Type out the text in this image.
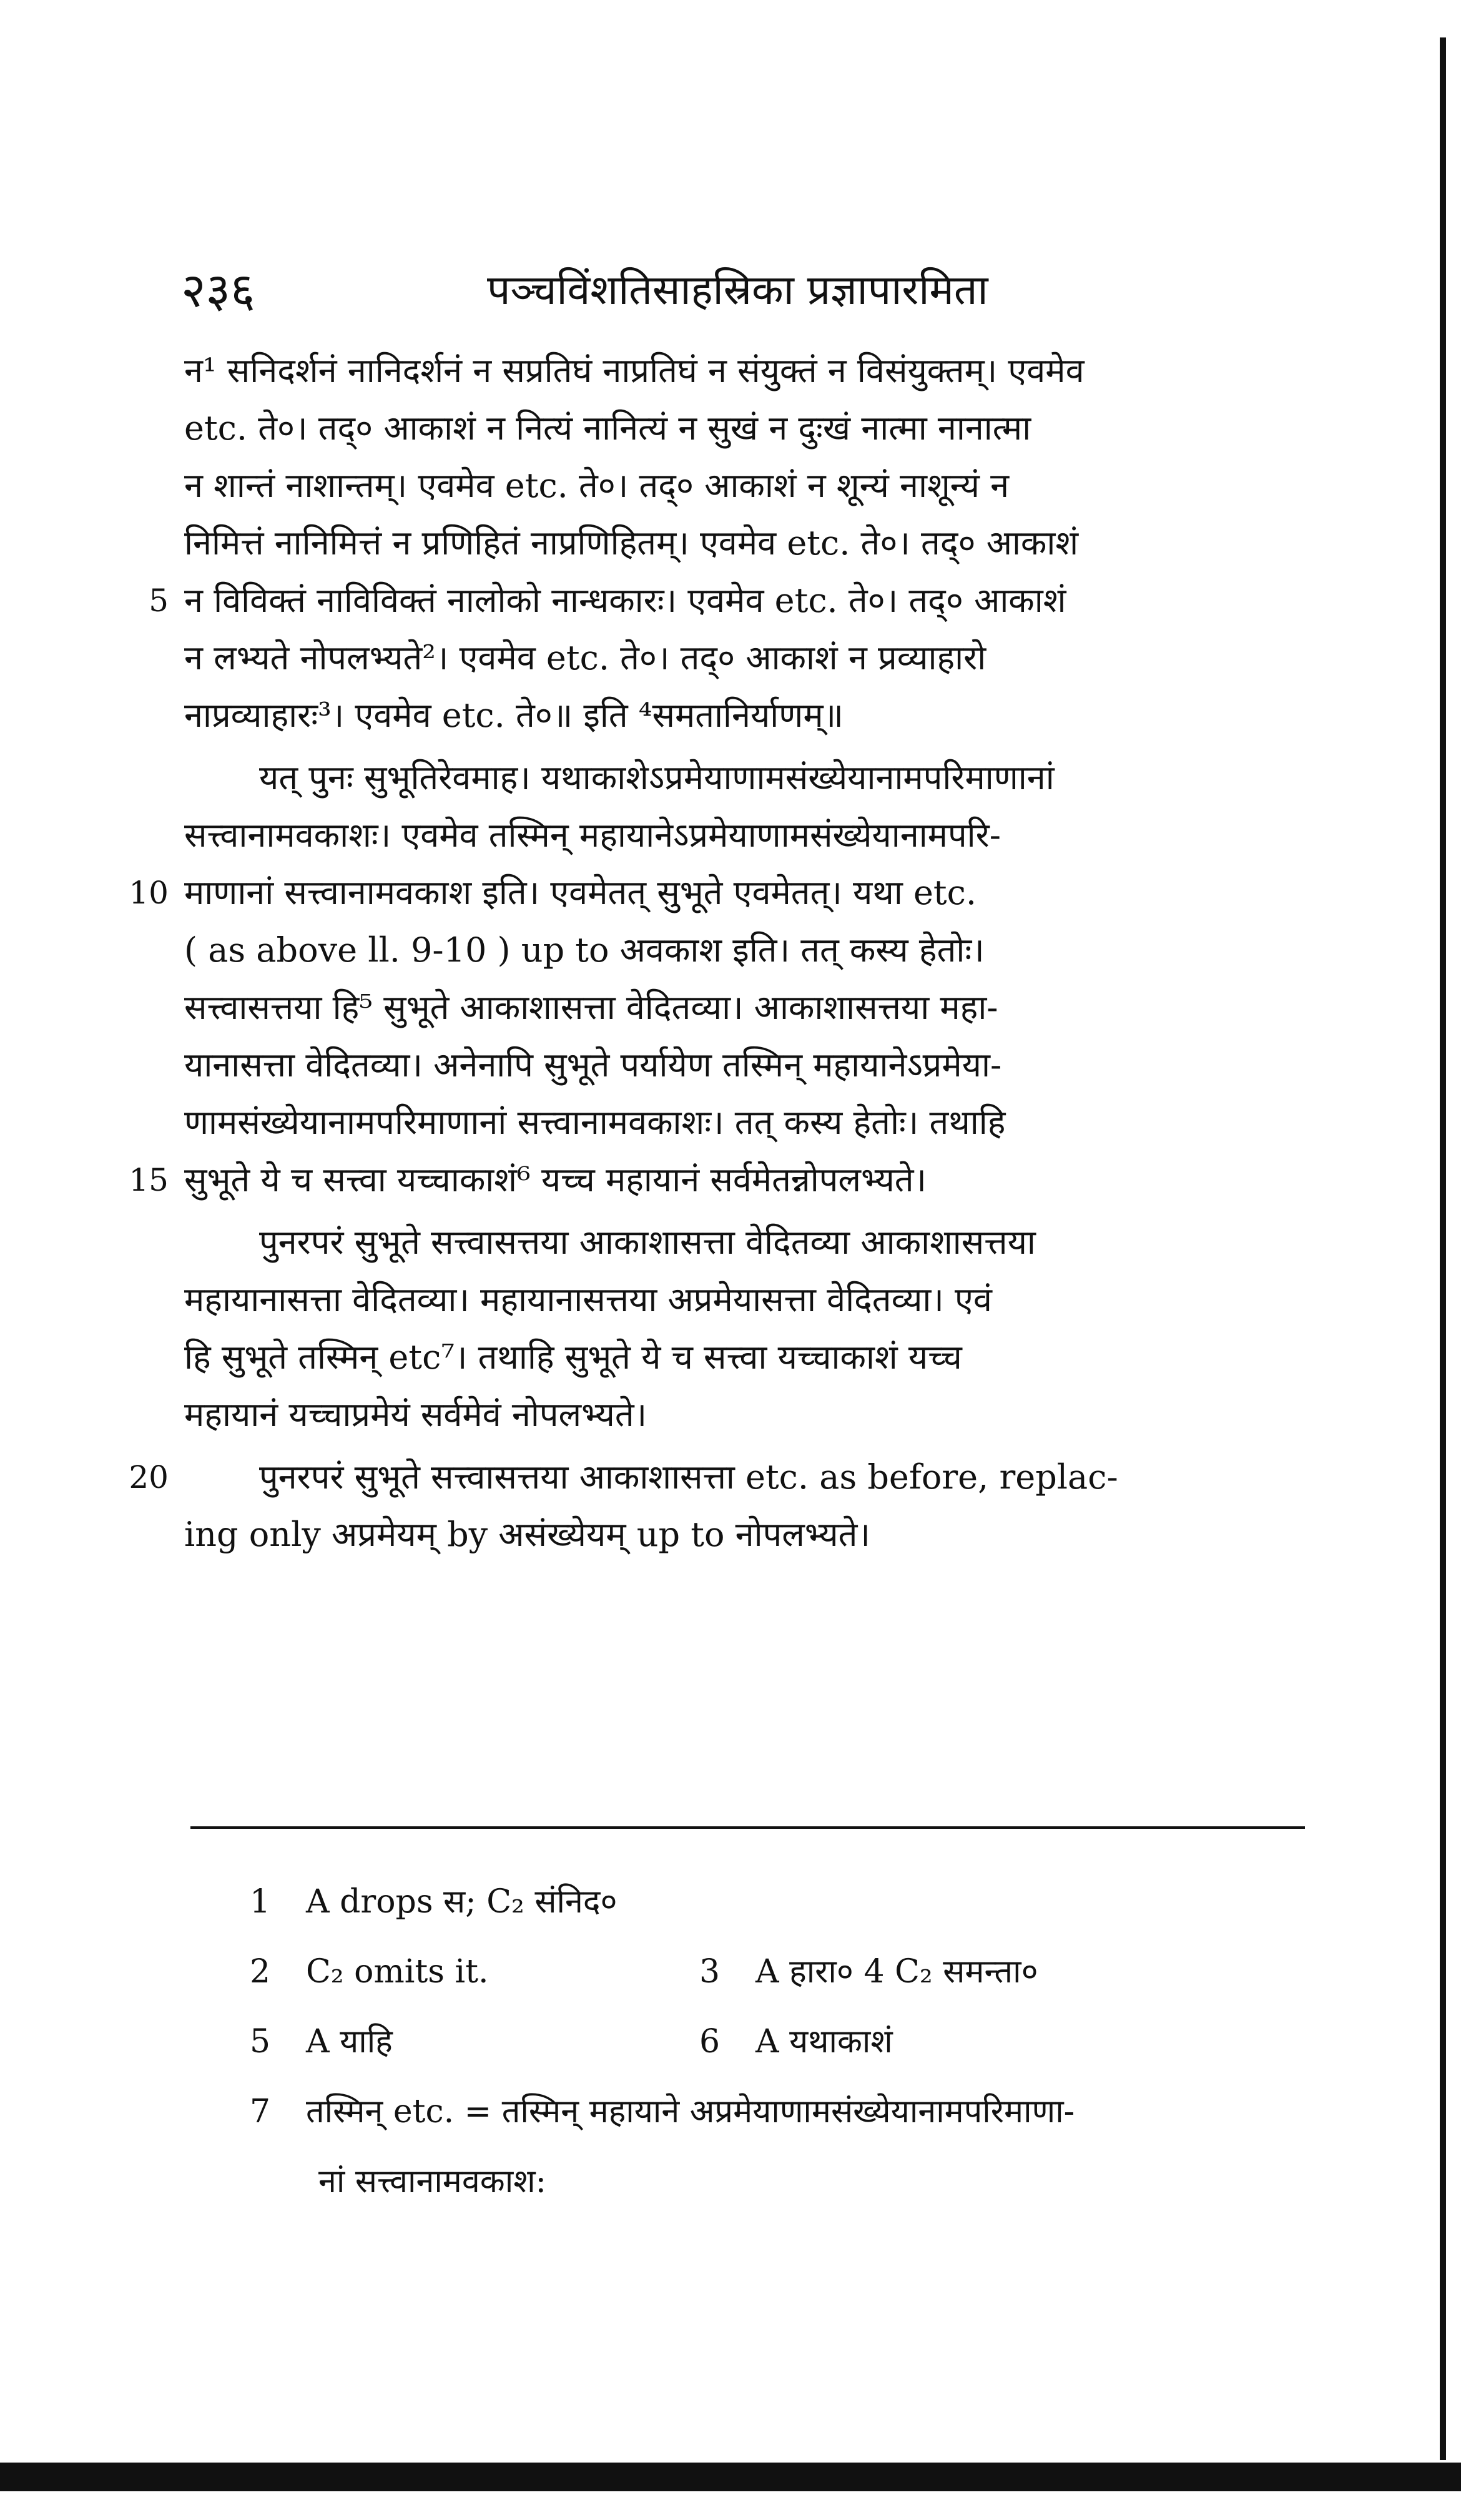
२३६	पञ्चविंशतिसाहस्रिका प्रज्ञापारमिता
न¹ सनिदर्शनं नानिदर्शनं न सप्रतिघं नाप्रतिघं न संयुक्तं न विसंयुक्तम्। एवमेव
etc. ते०। तद्० आकाशं न नित्यं नानित्यं न सुखं न दुःखं नात्मा नानात्मा
न शान्तं नाशान्तम्। एवमेव etc. ते०। तद्० आकाशं न शून्यं नाशून्यं न
निमित्तं नानिमित्तं न प्रणिहितं नाप्रणिहितम्। एवमेव etc. ते०। तद्० आकाशं
5 न विविक्तं नाविविक्तं नालोको नान्धकारः। एवमेव etc. ते०। तद्० आकाशं
न लभ्यते नोपलभ्यते²। एवमेव etc. ते०। तद्० आकाशं न प्रव्याहारो
नाप्रव्याहारः³। एवमेव etc. ते०॥ इति ⁴समतानिर्याणम्॥
यत् पुनः सुभूतिरेवमाह। यथाकाशेऽप्रमेयाणामसंख्येयानामपरिमाणानां
सत्त्वानामवकाशः। एवमेव तस्मिन् महायानेऽप्रमेयाणामसंख्येयानामपरि-
10 माणानां सत्त्वानामवकाश इति। एवमेतत् सुभूते एवमेतत्। यथा etc.
( as above ll. 9-10 ) up to अवकाश इति। तत् कस्य हेतोः।
सत्त्वासत्तया हि⁵ सुभूते आकाशासत्ता वेदितव्या। आकाशासत्तया महा-
यानासत्ता वेदितव्या। अनेनापि सुभूते पर्यायेण तस्मिन् महायानेऽप्रमेया-
णामसंख्येयानामपरिमाणानां सत्त्वानामवकाशः। तत् कस्य हेतोः। तथाहि
15 सुभूते ये च सत्त्वा यच्चाकाशं⁶ यच्च महायानं सर्वमेतन्नोपलभ्यते।
पुनरपरं सुभूते सत्त्वासत्तया आकाशासत्ता वेदितव्या आकाशासत्तया
महायानासत्ता वेदितव्या। महायानासत्तया अप्रमेयासत्ता वेदितव्या। एवं
हि सुभूते तस्मिन् etc⁷। तथाहि सुभूते ये च सत्त्वा यच्चाकाशं यच्च
महायानं यच्चाप्रमेयं सर्वमेवं नोपलभ्यते।
20	पुनरपरं सुभूते सत्त्वासत्तया आकाशासत्ता etc. as before, replac-
ing only अप्रमेयम् by असंख्येयम् up to नोपलभ्यते।
1 A drops स; C₂ संनिद०
2 C₂ omits it.	3 A हारा० 4 C₂ समन्ता०
5 A याहि	6 A यथाकाशं
7 तस्मिन् etc. = तस्मिन् महायाने अप्रमेयाणामसंख्येयानामपरिमाणा-
नां सत्त्वानामवकाश:
